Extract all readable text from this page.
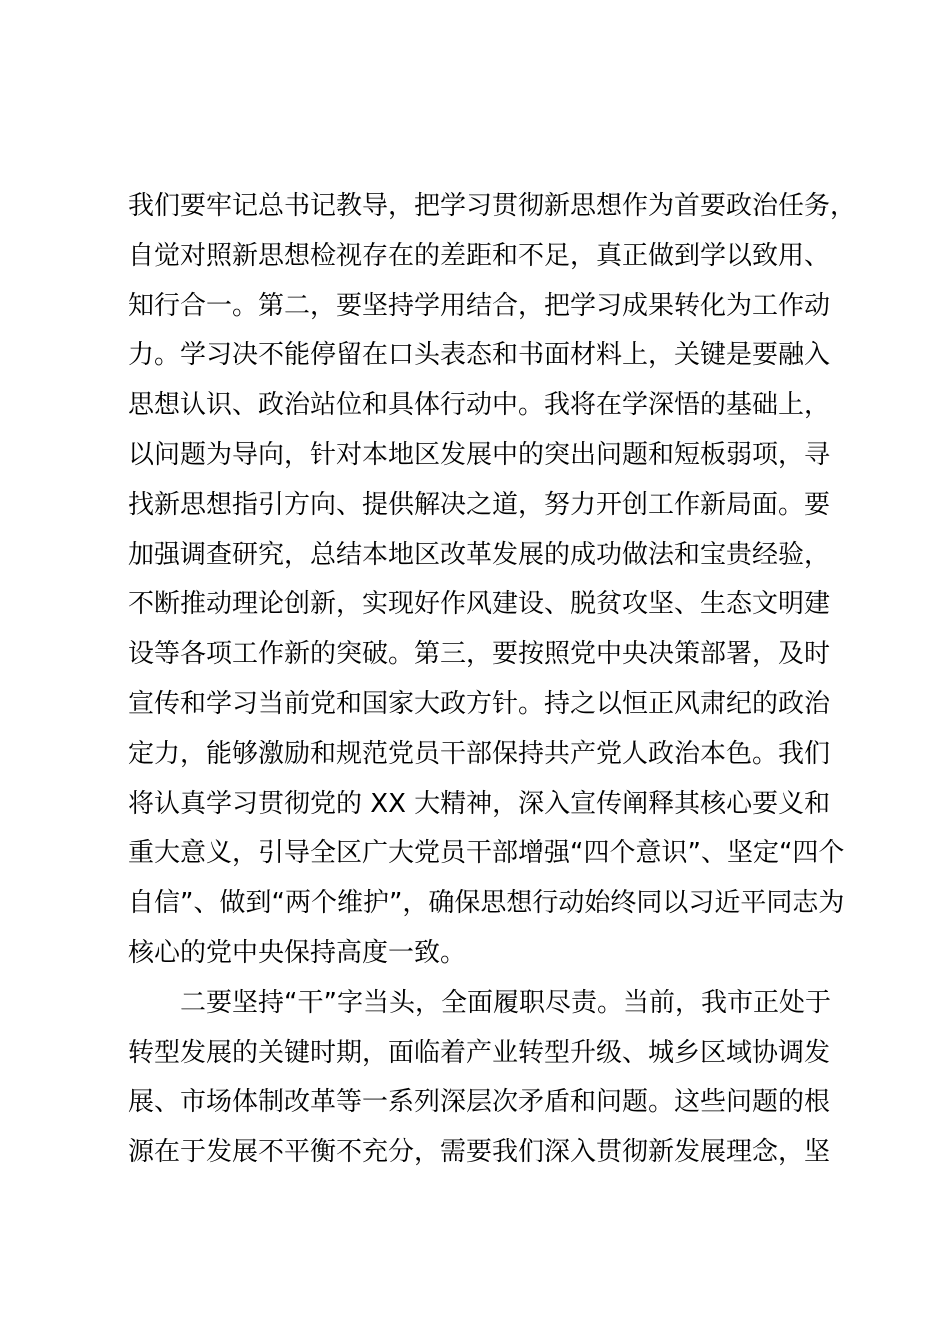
我们要牢记总书记教导，把学习贯彻新思想作为首要政治任务，
自觉对照新思想检视存在的差距和不足，真正做到学以致用、
知行合一。第二，要坚持学用结合，把学习成果转化为工作动
力。学习决不能停留在口头表态和书面材料上，关键是要融入
思想认识、政治站位和具体行动中。我将在学深悟的基础上，
以问题为导向，针对本地区发展中的突出问题和短板弱项，寻
找新思想指引方向、提供解决之道，努力开创工作新局面。要
加强调查研究，总结本地区改革发展的成功做法和宝贵经验，
不断推动理论创新，实现好作风建设、脱贫攻坚、生态文明建
设等各项工作新的突破。第三，要按照党中央决策部署，及时
宣传和学习当前党和国家大政方针。持之以恒正风肃纪的政治
定力，能够激励和规范党员干部保持共产党人政治本色。我们
将认真学习贯彻党的 XX 大精神，深入宣传阐释其核心要义和
重大意义，引导全区广大党员干部增强“四个意识”、坚定“四个
自信”、做到“两个维护”，确保思想行动始终同以习近平同志为
核心的党中央保持高度一致。
　　二要坚持“干”字当头，全面履职尽责。当前，我市正处于
转型发展的关键时期，面临着产业转型升级、城乡区域协调发
展、市场体制改革等一系列深层次矛盾和问题。这些问题的根
源在于发展不平衡不充分，需要我们深入贯彻新发展理念，坚
